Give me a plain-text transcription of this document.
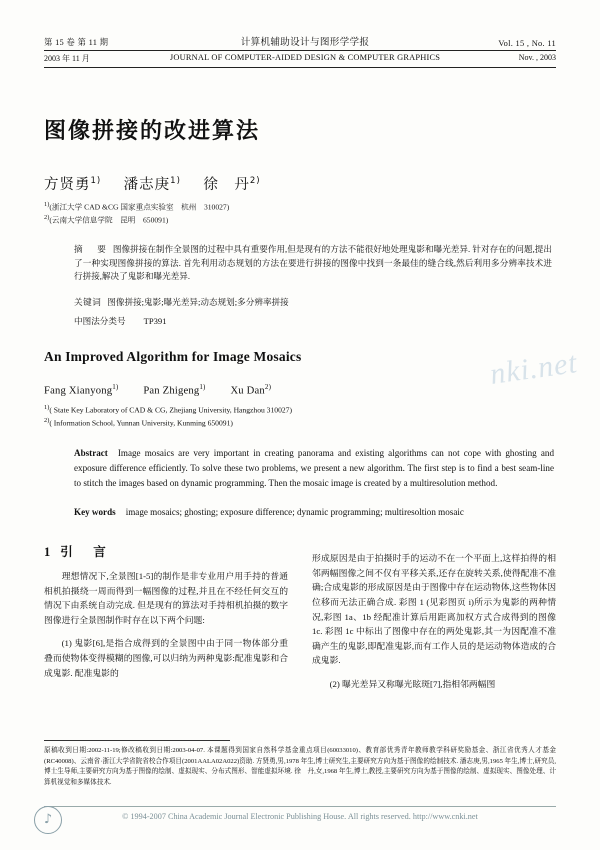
第 15 卷 第 11 期	计算机辅助设计与图形学学报	Vol. 15 , No. 11
2003 年 11 月	JOURNAL OF COMPUTER-AIDED DESIGN & COMPUTER GRAPHICS	Nov. , 2003
图像拼接的改进算法
方贤勇$^{1)}$ 潘志庚$^{1)}$ 徐　丹$^{2)}$
$^{1)}$(浙江大学 CAD &CG 国家重点实验室　杭州　310027)
$^{2)}$(云南大学信息学院　昆明　650091)
摘　要 图像拼接在制作全景图的过程中具有重要作用,但是现有的方法不能很好地处理鬼影和曝光差异. 针对存在的问题,提出了一种实现图像拼接的算法. 首先利用动态规划的方法在要进行拼接的图像中找到一条最佳的缝合线,然后利用多分辨率技术进行拼接,解决了鬼影和曝光差异.
关键词 图像拼接;鬼影;曝光差异;动态规划;多分辨率拼接
中图法分类号 TP391
An Improved Algorithm for Image Mosaics
Fang Xianyong$^{1)}$ Pan Zhigeng$^{1)}$ Xu Dan$^{2)}$
$^{1)}$( State Key Laboratory of CAD & CG, Zhejiang University, Hangzhou 310027)
$^{2)}$( Information School, Yunnan University, Kunming 650091)
Abstract Image mosaics are very important in creating panorama and existing algorithms can not cope with ghosting and exposure difference efficiently. To solve these two problems, we present a new algorithm. The first step is to find a best seam-line to stitch the images based on dynamic programming. Then the mosaic image is created by a multiresolution method.
Key words image mosaics; ghosting; exposure difference; dynamic programming; multiresoltion mosaic
1 引　言

理想情况下,全景图[1-5]的制作是非专业用户用手持的普通相机拍摄绕一周而得到一幅图像的过程,并且在不经任何交互的情况下由系统自动完成. 但是现有的算法对手持相机拍摄的数字图像进行全景图制作时存在以下两个问题:

(1) 鬼影[6],是指合成得到的全景图中由于同一物体部分重叠而使物体变得模糊的图像,可以归纳为两种鬼影:配准鬼影和合成鬼影. 配准鬼影的

形成原因是由于拍摄时手的运动不在一个平面上,这样拍得的相邻两幅图像之间不仅有平移关系,还存在旋转关系,使得配准不准确;合成鬼影的形成原因是由于图像中存在运动物体,这些物体因位移而无法正确合成. 彩图 1 (见彩图页 i)所示为鬼影的两种情况,彩图 1a、1b 经配准计算后用距离加权方式合成得到的图像 1c. 彩图 1c 中标出了图像中存在的两处鬼影,其一为因配准不准确产生的鬼影,即配准鬼影,而有工作人员的是运动物体造成的合成鬼影.

(2) 曝光差异又称曝光眩斑[7],指相邻两幅图

nki.net
原稿收到日期:2002-11-19;修改稿收到日期:2003-04-07. 本课题得到国家自然科学基金重点项目(60033010)、教育部优秀青年教师教学科研奖励基金、浙江省优秀人才基金(RC40008)、云南省·浙江大学省院省校合作项目(2001AALA02A022)资助. 方贤勇,男,1978 年生,博士研究生,主要研究方向为基于图像的绘制技术. 潘志庚,男,1965 年生,博士,研究员,博士生导师,主要研究方向为基于图像的绘制、虚拟现实、分布式图形、智能虚拟环境. 徐　丹,女,1968 年生,博士,教授,主要研究方向为基于图像的绘制、虚拟现实、图像处理、计算机视觉和多媒体技术.
♪	© 1994-2007 China Academic Journal Electronic Publishing House. All rights reserved. http://www.cnki.net
